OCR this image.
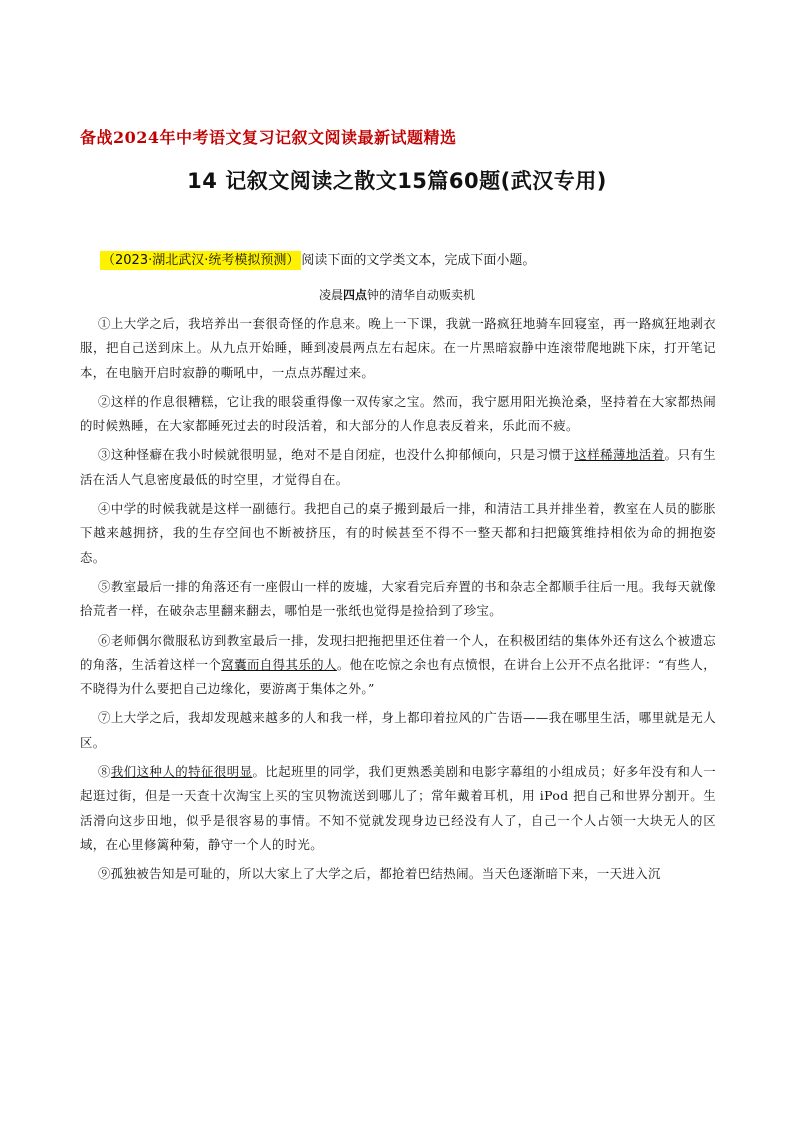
备战2024年中考语文复习记叙文阅读最新试题精选
14 记叙文阅读之散文15篇60题(武汉专用)
（2023·湖北武汉·统考模拟预测） 阅读下面的文学类文本，完成下面小题。
凌晨四点钟的清华自动贩卖机

①上大学之后，我培养出一套很奇怪的作息来。晚上一下课，我就一路疯狂地骑车回寝室，再一路疯狂地剥衣服，把自己送到床上。从九点开始睡，睡到凌晨两点左右起床。在一片黑暗寂静中连滚带爬地跳下床，打开笔记本，在电脑开启时寂静的嘶吼中，一点点苏醒过来。

②这样的作息很糟糕，它让我的眼袋重得像一双传家之宝。然而，我宁愿用阳光换沧桑，坚持着在大家都热闹的时候熟睡，在大家都睡死过去的时段活着，和大部分的人作息表反着来，乐此而不疲。

③这种怪癖在我小时候就很明显，绝对不是自闭症，也没什么抑郁倾向，只是习惯于这样稀薄地活着。只有生活在活人气息密度最低的时空里，才觉得自在。

④中学的时候我就是这样一副德行。我把自己的桌子搬到最后一排，和清洁工具并排坐着，教室在人员的膨胀下越来越拥挤，我的生存空间也不断被挤压，有的时候甚至不得不一整天都和扫把簸箕维持相依为命的拥抱姿态。

⑤教室最后一排的角落还有一座假山一样的废墟，大家看完后弃置的书和杂志全都顺手往后一甩。我每天就像拾荒者一样，在破杂志里翻来翻去，哪怕是一张纸也觉得是捡拾到了珍宝。

⑥老师偶尔微服私访到教室最后一排，发现扫把拖把里还住着一个人，在积极团结的集体外还有这么个被遗忘的角落，生活着这样一个窝囊而自得其乐的人。他在吃惊之余也有点愤恨，在讲台上公开不点名批评：“有些人，不晓得为什么要把自己边缘化，要游离于集体之外。”

⑦上大学之后，我却发现越来越多的人和我一样，身上都印着拉风的广告语——我在哪里生活，哪里就是无人区。

⑧我们这种人的特征很明显。比起班里的同学，我们更熟悉美剧和电影字幕组的小组成员；好多年没有和人一起逛过街，但是一天查十次淘宝上买的宝贝物流送到哪儿了；常年戴着耳机，用 iPod 把自己和世界分割开。生活滑向这步田地，似乎是很容易的事情。不知不觉就发现身边已经没有人了，自己一个人占领一大块无人的区域，在心里修篱种菊，静守一个人的时光。

⑨孤独被告知是可耻的，所以大家上了大学之后，都抢着巴结热闹。当天色逐渐暗下来，一天进入沉
